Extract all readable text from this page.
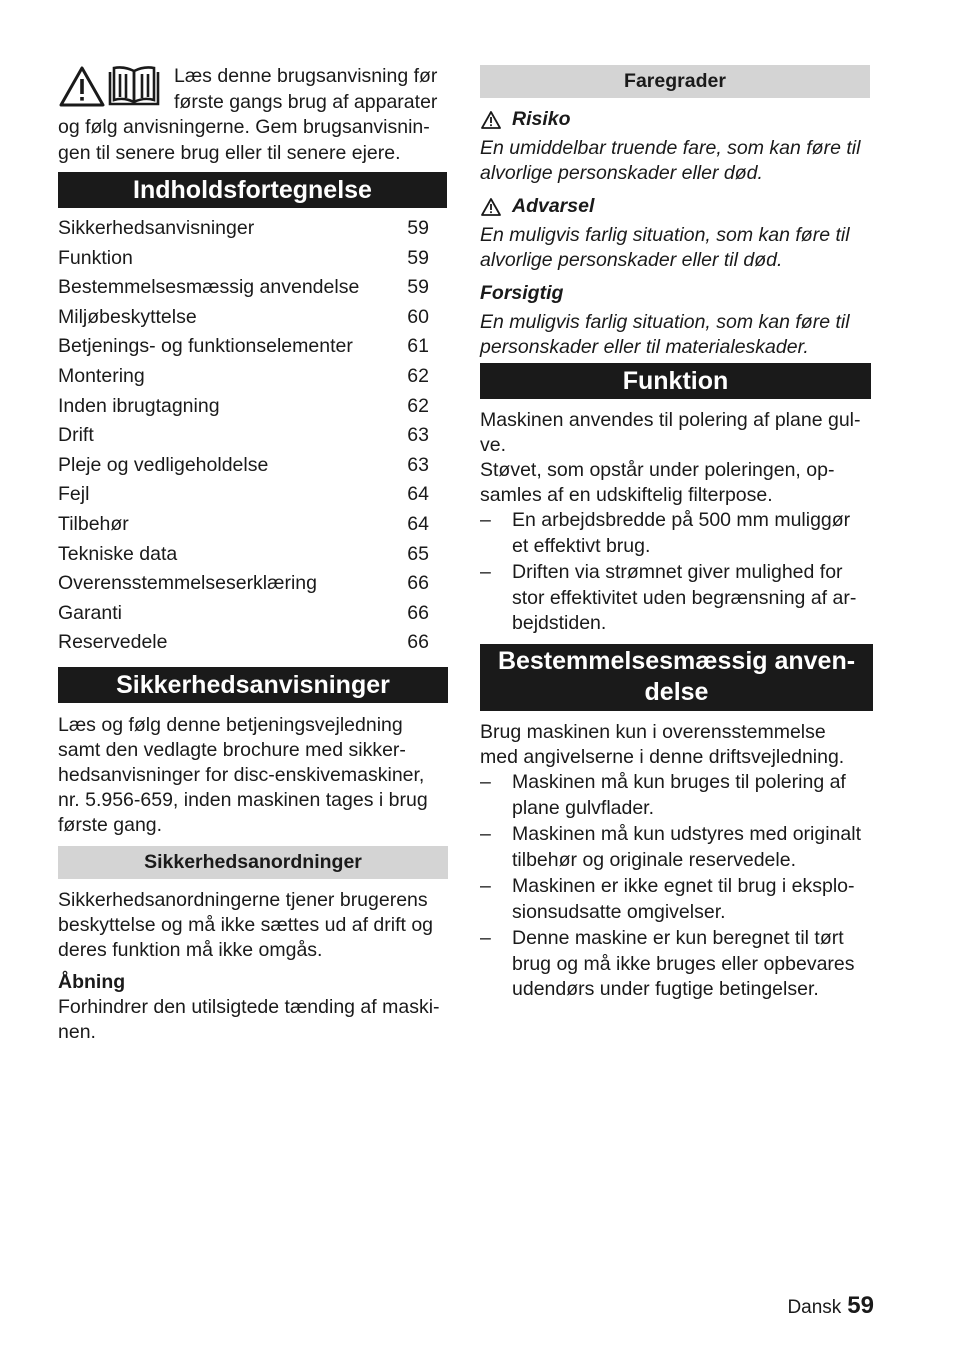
Læs denne brugsanvisning før

første gangs brug af apparater

og følg anvisningerne. Gem brugsanvisnin-

gen til senere brug eller til senere ejere.

Indholdsfortegnelse
Sikkerhedsanvisninger	59
Funktion	59
Bestemmelsesmæssig anvendelse	59
Miljøbeskyttelse	60
Betjenings- og funktionselementer	61
Montering	62
Inden ibrugtagning	62
Drift	63
Pleje og vedligeholdelse	63
Fejl	64
Tilbehør	64
Tekniske data	65
Overensstemmelseserklæring	66
Garanti	66
Reservedele	66
Sikkerhedsanvisninger

Læs og følg denne betjeningsvejledning

samt den vedlagte brochure med sikker-

hedsanvisninger for disc-enskivemaskiner,

nr. 5.956-659, inden maskinen tages i brug

første gang.

Sikkerhedsanordninger

Sikkerhedsanordningerne tjener brugerens

beskyttelse og må ikke sættes ud af drift og

deres funktion må ikke omgås.

Åbning

Forhindrer den utilsigtede tænding af maski-

nen.

Faregrader
Risiko

En umiddelbar truende fare, som kan føre til

alvorlige personskader eller død.

Advarsel

En muligvis farlig situation, som kan føre til

alvorlige personskader eller til død.

Forsigtig

En muligvis farlig situation, som kan føre til

personskader eller til materialeskader.

Funktion

Maskinen anvendes til polering af plane gul-

ve.

Støvet, som opstår under poleringen, op-

samles af en udskiftelig filterpose.

–	En arbejdsbredde på 500 mm muliggør
et effektivt brug.
–	Driften via strømnet giver mulighed for
stor effektivitet uden begrænsning af ar-
bejdstiden.
Bestemmelsesmæssig anven-
delse

Brug maskinen kun i overensstemmelse

med angivelserne i denne driftsvejledning.

–	Maskinen må kun bruges til polering af
plane gulvflader.
–	Maskinen må kun udstyres med originalt
tilbehør og originale reservedele.
–	Maskinen er ikke egnet til brug i eksplo-
sionsudsatte omgivelser.
–	Denne maskine er kun beregnet til tørt
brug og må ikke bruges eller opbevares
udendørs under fugtige betingelser.
Dansk 59
